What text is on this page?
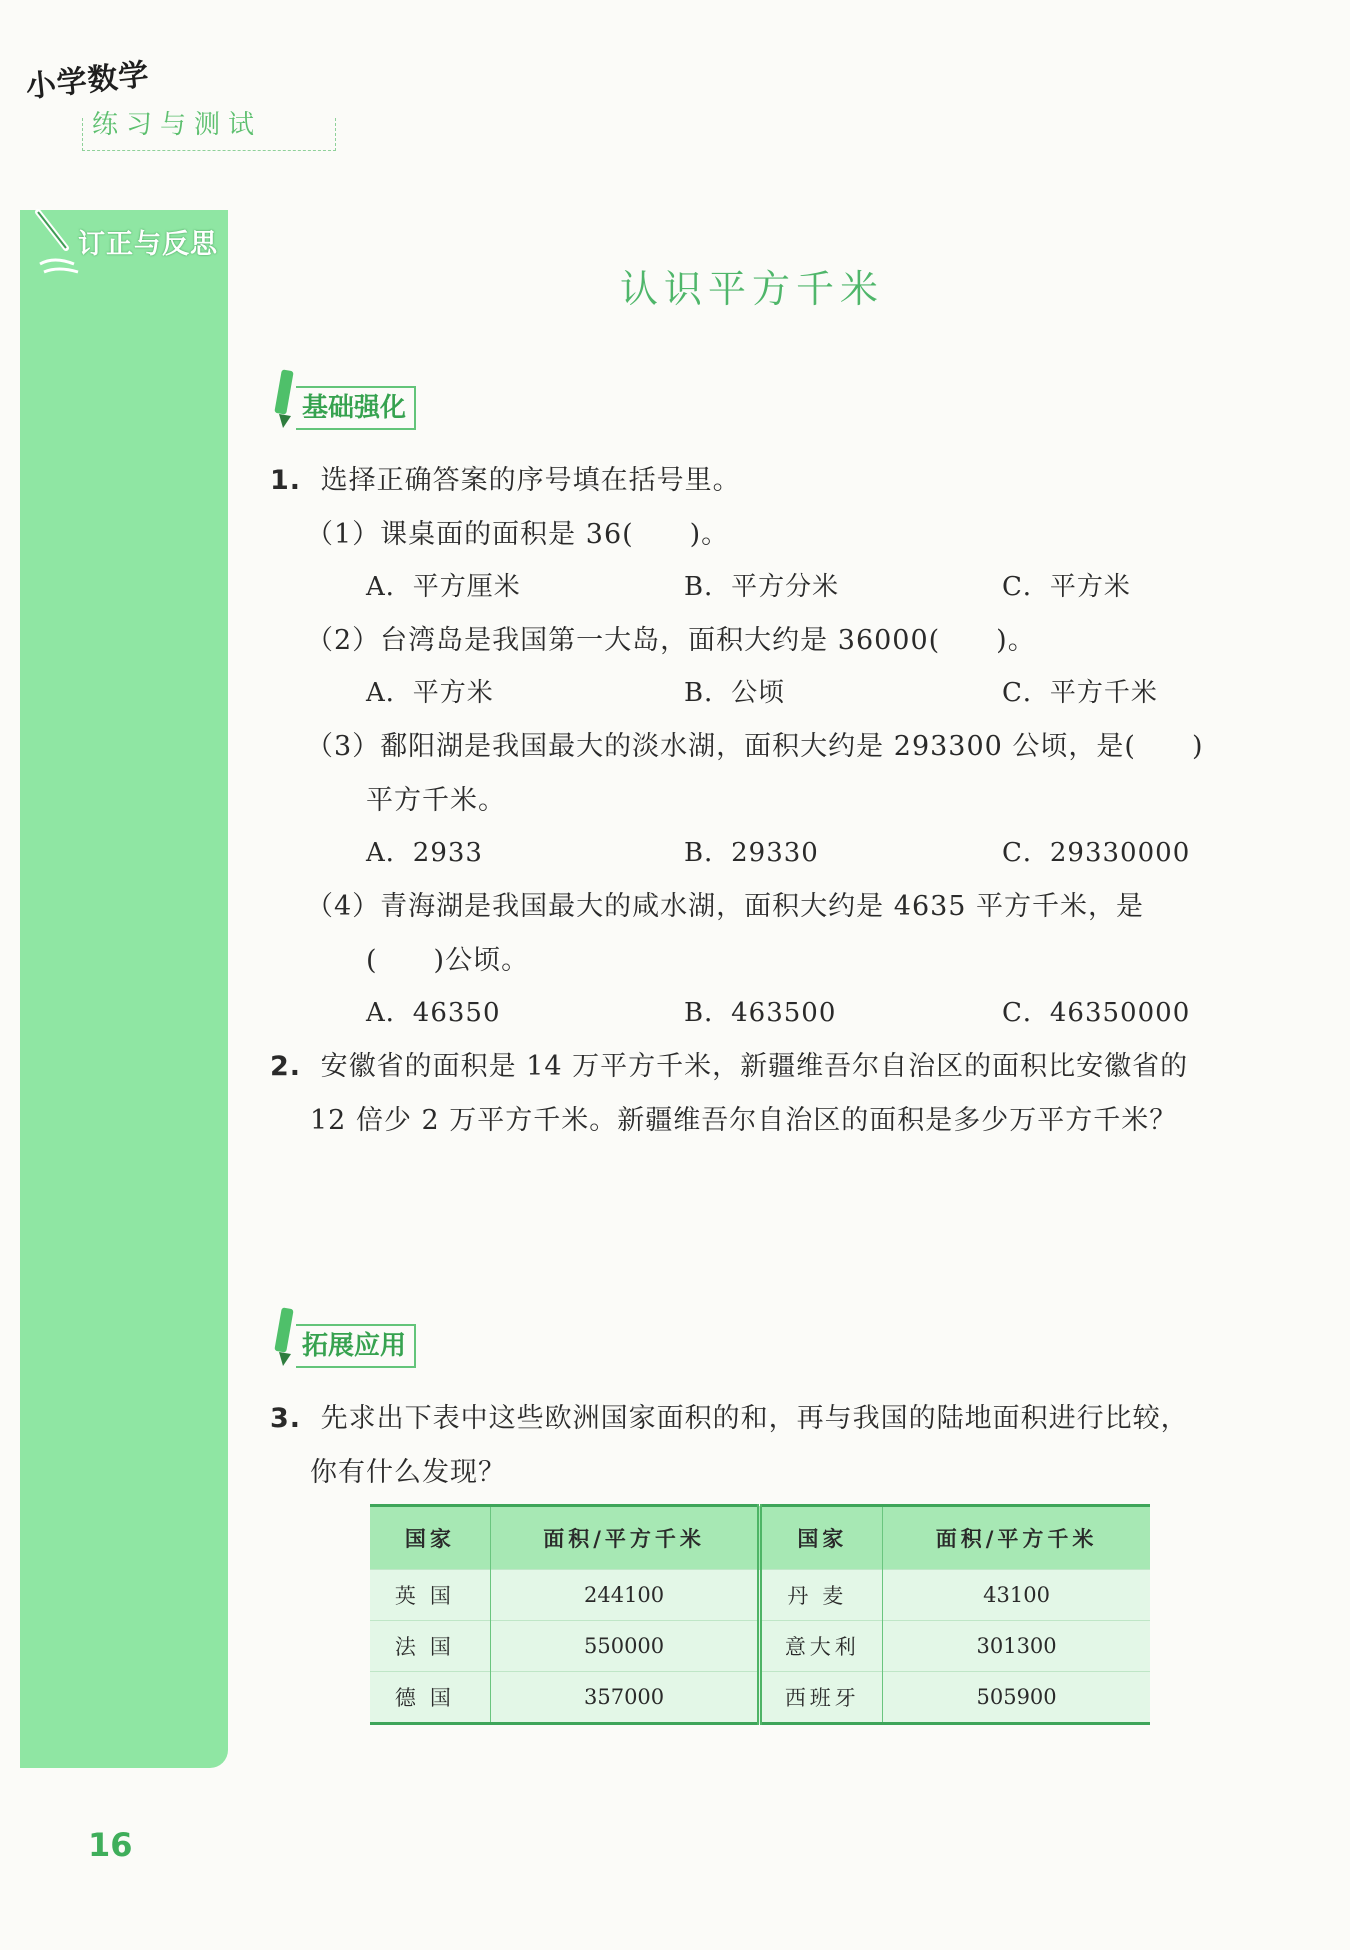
小学数学
练习与测试
订正与反思
认识平方千米
基础强化
1. 选择正确答案的序号填在括号里。
（1）课桌面的面积是 36(　　)。
A．平方厘米	B．平方分米	C．平方米
（2）台湾岛是我国第一大岛，面积大约是 36000(　　)。
A．平方米	B．公顷	C．平方千米
（3）鄱阳湖是我国最大的淡水湖，面积大约是 293300 公顷，是(　　)
平方千米。
A．2933	B．29330	C．29330000
（4）青海湖是我国最大的咸水湖，面积大约是 4635 平方千米，是
(　　)公顷。
A．46350	B．463500	C．46350000
2. 安徽省的面积是 14 万平方千米，新疆维吾尔自治区的面积比安徽省的
12 倍少 2 万平方千米。新疆维吾尔自治区的面积是多少万平方千米？
拓展应用
3. 先求出下表中这些欧洲国家面积的和，再与我国的陆地面积进行比较，
你有什么发现？
国家	面积/平方千米	国家	面积/平方千米
英国	244100	丹麦	43100
法国	550000	意大利	301300
德国	357000	西班牙	505900
16
